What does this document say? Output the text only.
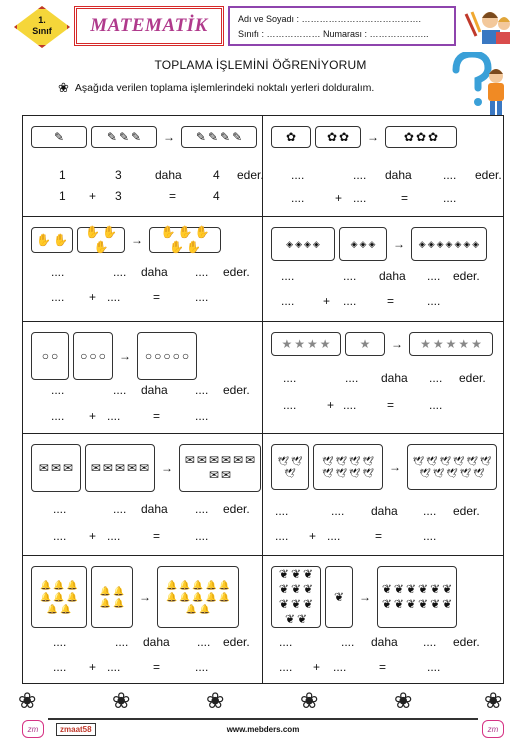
1.
Sınıf	MATEMATİK	Adı ve Soyadı : ………………………………….
Sınıfı : ……………… Numarası : ………………..
TOPLAMA İŞLEMİNİ ÖĞRENİYORUM
❀ Aşağıda verilen toplama işlemlerindeki noktalı yerleri dolduralım.
✎	✎ ✎ ✎ → ✎ ✎ ✎ ✎
1	3	daha	4 eder.
1 + 3	=	4
✿	✿ ✿ → ✿ ✿ ✿
....	.... daha	.... eder.
....	+ ....	=	....
✋ ✋
✋ ✋
✋ →
✋ ✋ ✋
✋ ✋
....	.... daha .... eder.
.... + ....	=	....
◈ ◈ ◈ ◈	◈ ◈ ◈ → ◈ ◈ ◈ ◈ ◈ ◈ ◈
....	.... daha .... eder.
.... + ....	=	....
○ ○ ○ ○ ○ → ○ ○ ○ ○ ○
....	.... daha .... eder.
.... + ....	=	....
★ ★ ★ ★ ★ → ★ ★ ★ ★ ★
....	.... daha .... eder.
....	+ ....	=	....
✉ ✉ ✉ ✉ ✉ ✉ ✉ ✉ →
✉ ✉ ✉ ✉ ✉ ✉
✉ ✉
....	.... daha .... eder.
.... + ....	=	....
🕊 🕊
🕊
🕊 🕊 🕊 🕊
🕊 🕊 🕊 🕊 → 🕊 🕊 🕊 🕊 🕊 🕊
🕊 🕊 🕊 🕊 🕊
....	.... daha .... eder.
.... + ....	=	....
🔔 🔔 🔔
🔔 🔔 🔔
🔔 🔔
🔔 🔔
🔔 🔔 →
🔔 🔔 🔔 🔔 🔔
🔔 🔔 🔔 🔔 🔔
🔔 🔔
....	.... daha .... eder.
.... + ....	=	....
❦ ❦ ❦
❦ ❦ ❦
❦ ❦ ❦
❦ ❦
❦ →
❦ ❦ ❦ ❦ ❦ ❦
❦ ❦ ❦ ❦ ❦ ❦
....	.... daha .... eder.
.... + ....	=	....
❀	❀	❀	❀	❀	❀
zm	zmaat58	www.mebders.com	zm
